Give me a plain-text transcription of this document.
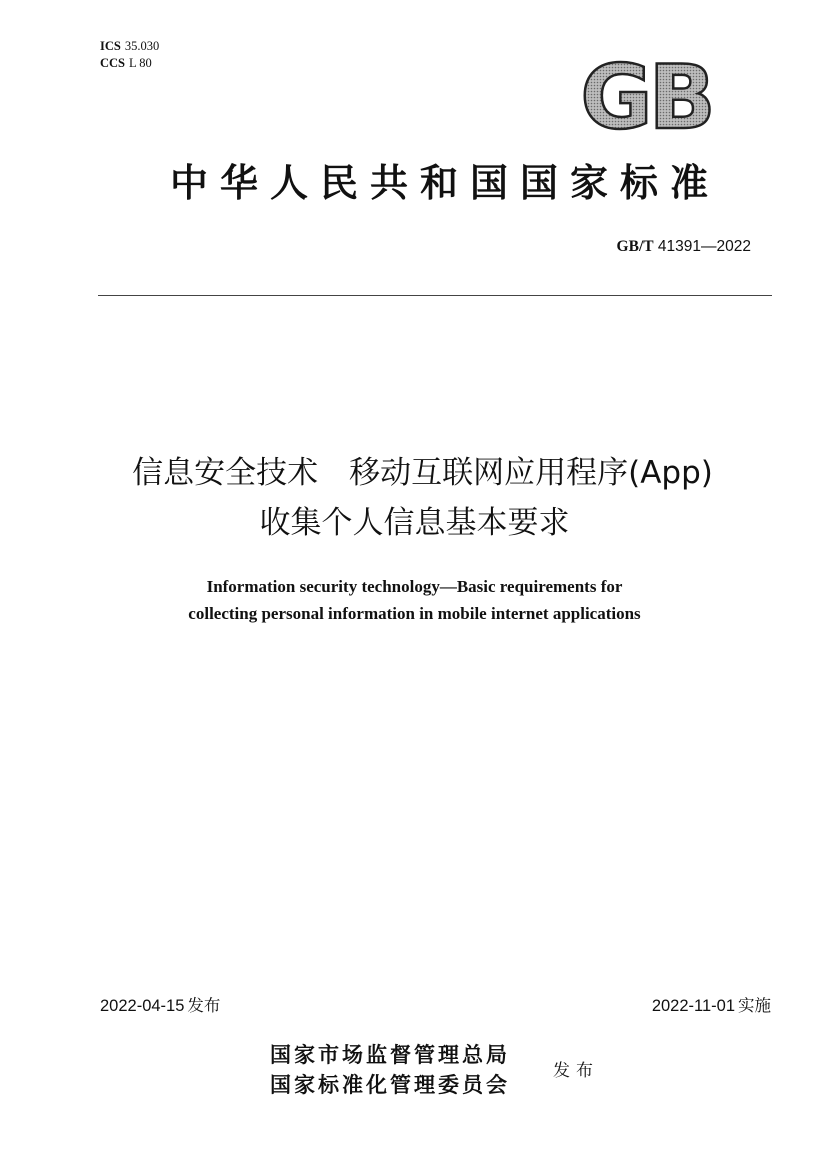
ICS 35.030
CCS L 80	GB
中华人民共和国国家标准
GB/T 41391—2022
信息安全技术　移动互联网应用程序(App)
收集个人信息基本要求
Information security technology—Basic requirements for
collecting personal information in mobile internet applications
2022-04-15 发布	2022-11-01 实施
国家市场监督管理总局
国家标准化管理委员会
发布
